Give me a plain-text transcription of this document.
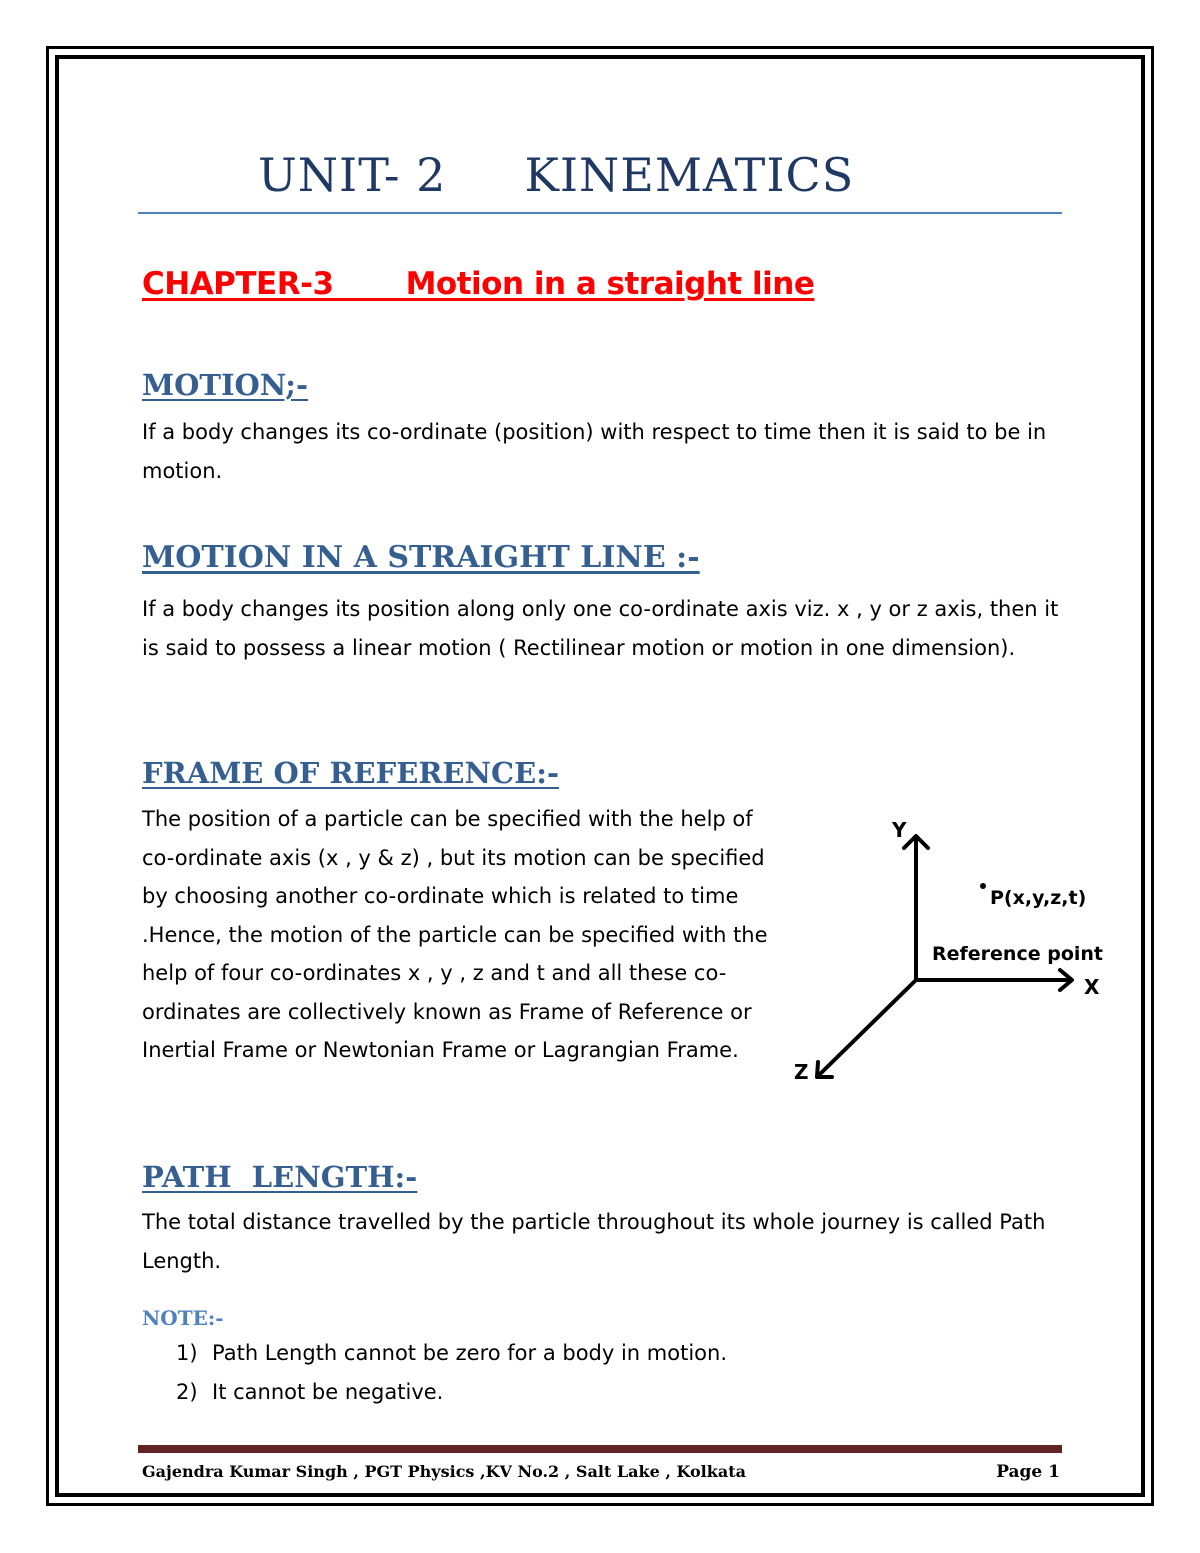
UNIT- 2     KINEMATICS
CHAPTER-3       Motion in a straight line
MOTION;-
If a body changes its co-ordinate (position) with respect to time then it is said to be in motion.
MOTION IN A STRAIGHT LINE :-
If a body changes its position along only one co-ordinate axis viz. x , y or z axis, then it is said to possess a linear motion ( Rectilinear motion or motion in one dimension).
FRAME OF REFERENCE:-
The position of a particle can be specified with the help of co-ordinate axis (x , y & z) , but its motion can be specified by choosing another co-ordinate which is related to time .Hence, the motion of the particle can be specified with the help of four co-ordinates x , y , z and t and all these co-ordinates are collectively known as Frame of Reference or Inertial Frame or Newtonian Frame or Lagrangian Frame.
Y
X
Z
P(x,y,z,t)
Reference point
PATH  LENGTH:-
The total distance travelled by the particle throughout its whole journey is called Path Length.
NOTE:-
1) Path Length cannot be zero for a body in motion.
2) It cannot be negative.
Gajendra Kumar Singh , PGT Physics ,KV No.2 , Salt Lake , Kolkata	Page 1
